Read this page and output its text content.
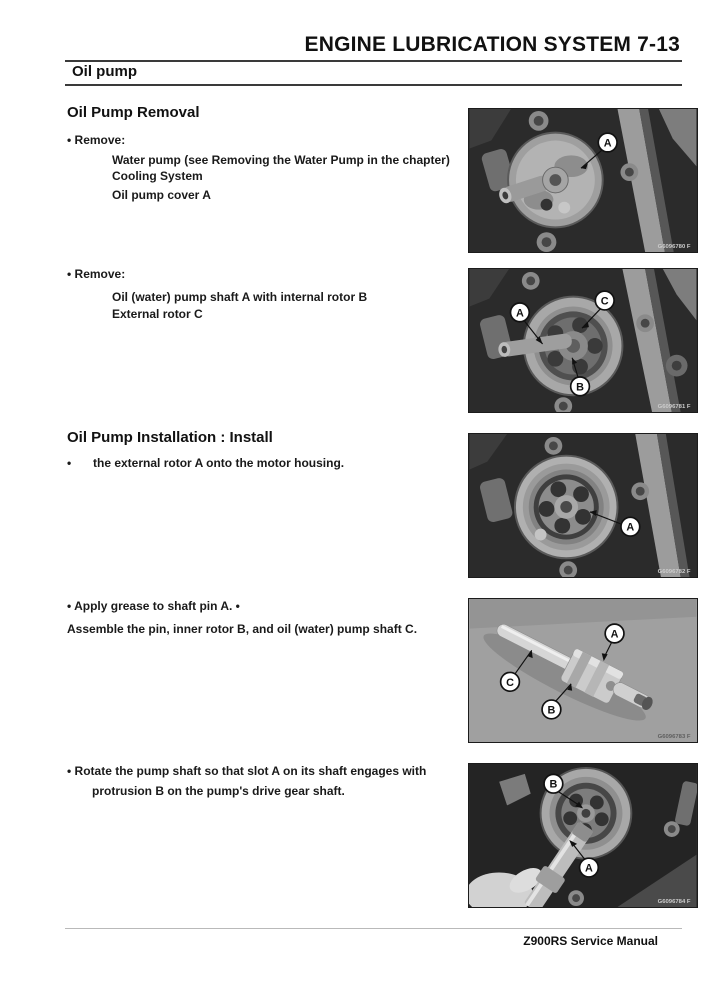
ENGINE LUBRICATION SYSTEM 7-13
Oil pump
Oil Pump Removal
• Remove:
Water pump (see Removing the Water Pump in the chapter)
Cooling System
Oil pump cover A
A
G6096780 F
• Remove:
Oil (water) pump shaft A with internal rotor B
External rotor C	A
C
B
G6096781 F
Oil Pump Installation : Install
•	the external rotor A onto the motor housing.
A
G6096782 F
• Apply grease to shaft pin A. •
Assemble the pin, inner rotor B, and oil (water) pump shaft C.	A
C
B
G6096783 F
• Rotate the pump shaft so that slot A on its shaft engages with
protrusion B on the pump's drive gear shaft.	B
A
G6096784 F
Z900RS Service Manual
